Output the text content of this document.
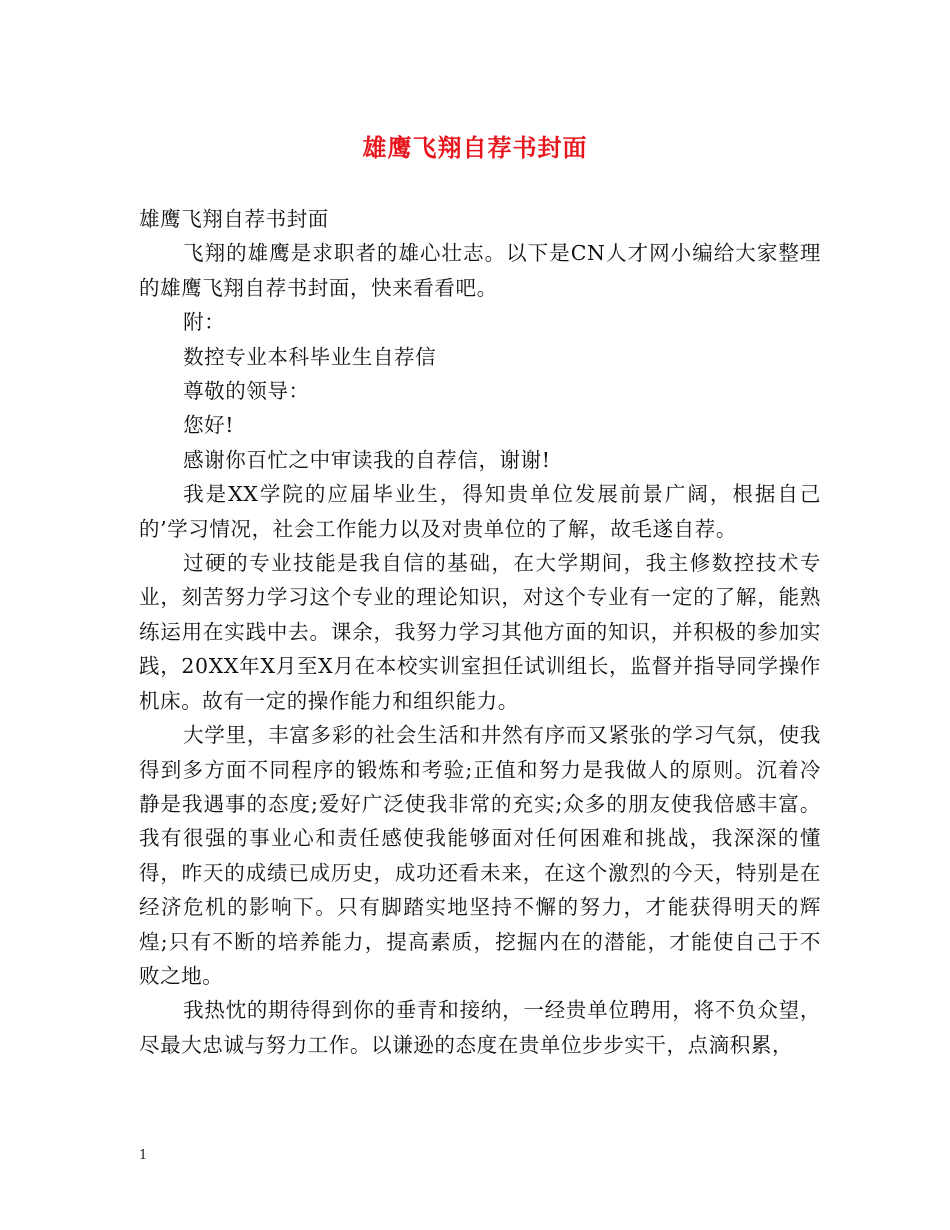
雄鹰飞翔自荐书封面

雄鹰飞翔自荐书封面

飞翔的雄鹰是求职者的雄心壮志。以下是CN人才网小编给大家整理的雄鹰飞翔自荐书封面，快来看看吧。

附：

数控专业本科毕业生自荐信

尊敬的领导：

您好!

感谢你百忙之中审读我的自荐信，谢谢!

我是XX学院的应届毕业生，得知贵单位发展前景广阔，根据自己的’学习情况，社会工作能力以及对贵单位的了解，故毛遂自荐。

过硬的专业技能是我自信的基础，在大学期间，我主修数控技术专业，刻苦努力学习这个专业的理论知识，对这个专业有一定的了解，能熟练运用在实践中去。课余，我努力学习其他方面的知识，并积极的参加实践，20XX年X月至X月在本校实训室担任试训组长，监督并指导同学操作机床。故有一定的操作能力和组织能力。

大学里，丰富多彩的社会生活和井然有序而又紧张的学习气氛，使我得到多方面不同程序的锻炼和考验;正值和努力是我做人的原则。沉着冷静是我遇事的态度;爱好广泛使我非常的充实;众多的朋友使我倍感丰富。我有很强的事业心和责任感使我能够面对任何困难和挑战，我深深的懂得，昨天的成绩已成历史，成功还看未来，在这个激烈的今天，特别是在经济危机的影响下。只有脚踏实地坚持不懈的努力，才能获得明天的辉煌;只有不断的培养能力，提高素质，挖掘内在的潜能，才能使自己于不败之地。

我热忱的期待得到你的垂青和接纳，一经贵单位聘用，将不负众望，尽最大忠诚与努力工作。以谦逊的态度在贵单位步步实干，点滴积累，

1
